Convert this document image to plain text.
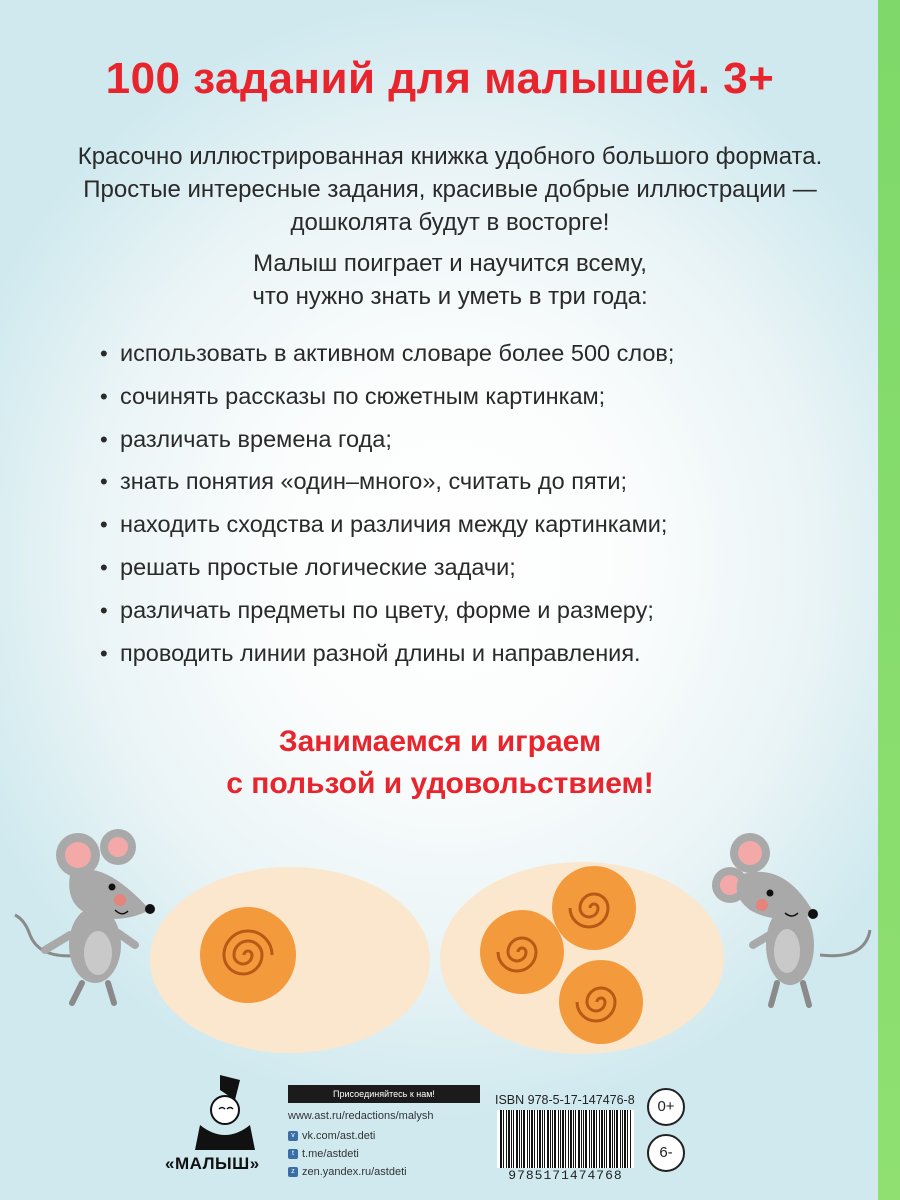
100 заданий для малышей. 3+

Красочно иллюстрированная книжка удобного большого формата.
Простые интересные задания, красивые добрые иллюстрации —
дошколята будут в восторге!

Малыш поиграет и научится всему,
что нужно знать и уметь в три года:

• использовать в активном словаре более 500 слов;
• сочинять рассказы по сюжетным картинкам;
• различать времена года;
• знать понятия «один–много», считать до пяти;
• находить сходства и различия между картинками;
• решать простые логические задачи;
• различать предметы по цвету, форме и размеру;
• проводить линии разной длины и направления.
Занимаемся и играем
с пользой и удовольствием!
«МАЛЫШ»
Присоединяйтесь к нам!
www.ast.ru/redactions/malysh
v vk.com/ast.deti
t t.me/astdeti
z zen.yandex.ru/astdeti
ISBN 978-5-17-147476-8
9785171474768
0+
6-
